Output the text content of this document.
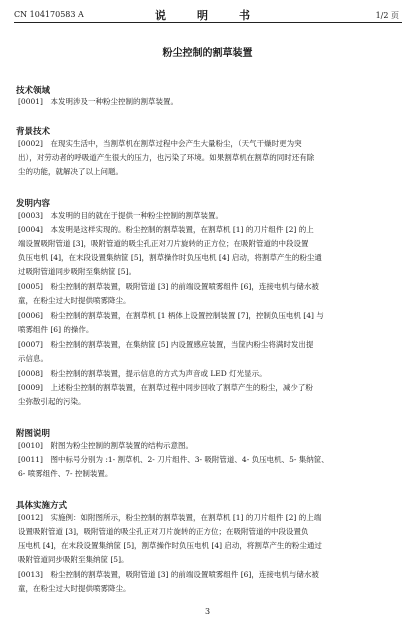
CN 104170583 A	说　明　书	1/2 页
粉尘控制的割草装置
技术领域
[0001]　本发明涉及一种粉尘控制的割草装置。
背景技术
[0002]　在现实生活中，当割草机在割草过程中会产生大量粉尘，（天气干燥时更为突
出），对劳动者的呼吸道产生很大的压力，也污染了环境。如果割草机在割草的同时还有除
尘的功能，就解决了以上问题。
发明内容
[0003]　本发明的目的就在于提供一种粉尘控制的割草装置。
[0004]　本发明是这样实现的。粉尘控制的割草装置，在割草机 [1] 的刀片组件 [2] 的上
端设置吸附管道 [3]，吸附管道的吸尘孔正对刀片旋转的正方位；在吸附管道的中段设置
负压电机 [4]，在末段设置集纳筐 [5]，割草操作时负压电机 [4] 启动，将割草产生的粉尘通
过吸附管道同步吸附至集纳筐 [5]。
[0005]　粉尘控制的割草装置，吸附管道 [3] 的前端设置喷雾组件 [6]，连接电机与储水被
童，在粉尘过大时提供喷雾降尘。
[0006]　粉尘控制的割草装置，在割草机 [1 柄体上设置控制装置 [7]，控制负压电机 [4] 与
喷雾组件 [6] 的操作。
[0007]　粉尘控制的割草装置，在集纳筐 [5] 内设置感应装置，当筐内粉尘将满时发出提
示信息。
[0008]　粉尘控制的割草装置，提示信息的方式为声音或 LED 灯光显示。
[0009]　上述粉尘控制的割草装置，在割草过程中同步回收了割草产生的粉尘，减少了粉
尘弥散引起的污染。
附图说明
[0010]　附图为粉尘控制的割草装置的结构示意图。
[0011]　图中标号分别为 :1- 割草机、2- 刀片组件、3- 吸附管道、4- 负压电机、5- 集纳筐、
6- 喷雾组件、7- 控制装置。
具体实施方式
[0012]　实施例：如附图所示，粉尘控制的割草装置，在割草机 [1] 的刀片组件 [2] 的上端
设置吸附管道 [3]，吸附管道的吸尘孔正对刀片旋转的正方位；在吸附管道的中段设置负
压电机 [4]，在末段设置集纳筐 [5]，割草操作时负压电机 [4] 启动，将割草产生的粉尘通过
吸附管道同步吸附至集纳筐 [5]。
[0013]　粉尘控制的割草装置，吸附管道 [3] 的前端设置喷雾组件 [6]，连接电机与储水被
童，在粉尘过大时提供喷雾降尘。
3
